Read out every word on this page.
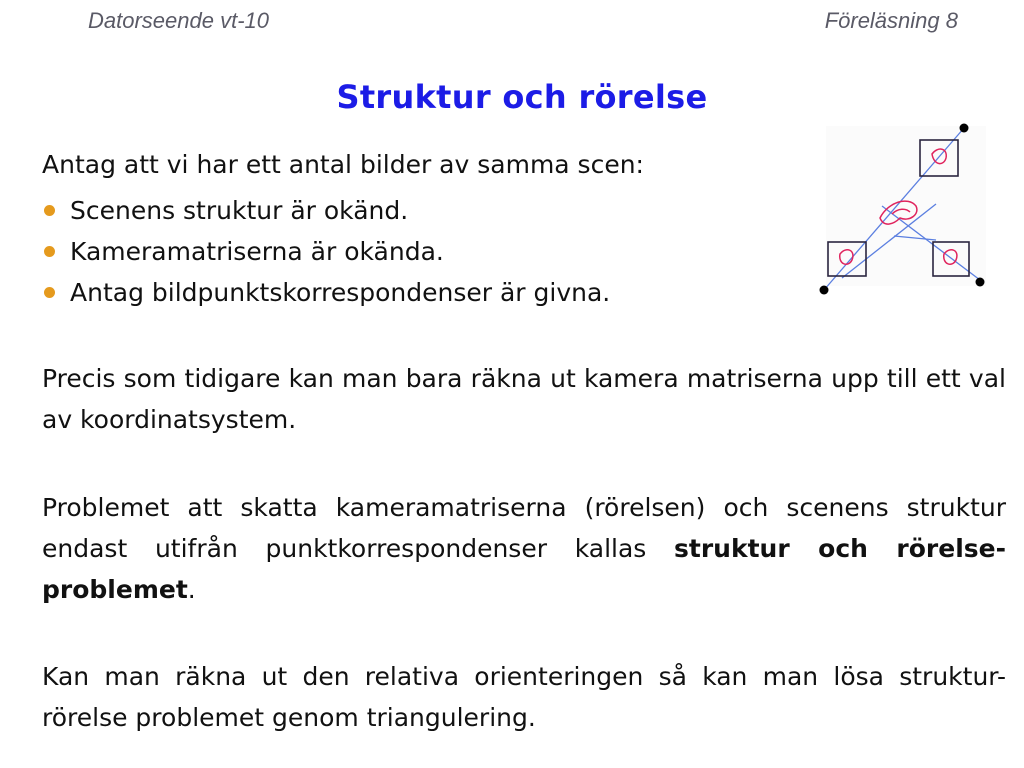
Datorseende vt-10	Föreläsning 8
Struktur och rörelse
Antag att vi har ett antal bilder av samma scen:
Scenens struktur är okänd.
Kameramatriserna är okända.
Antag bildpunktskorrespondenser är givna.

Precis som tidigare kan man bara räkna ut kamera matriserna upp till ett val av koordinatsystem.

Problemet att skatta kameramatriserna (rörelsen) och scenens struktur endast utifrån punktkorrespondenser kallas struktur och rörelse-problemet.

Kan man räkna ut den relativa orienteringen så kan man lösa struktur-rörelse problemet genom triangulering.
